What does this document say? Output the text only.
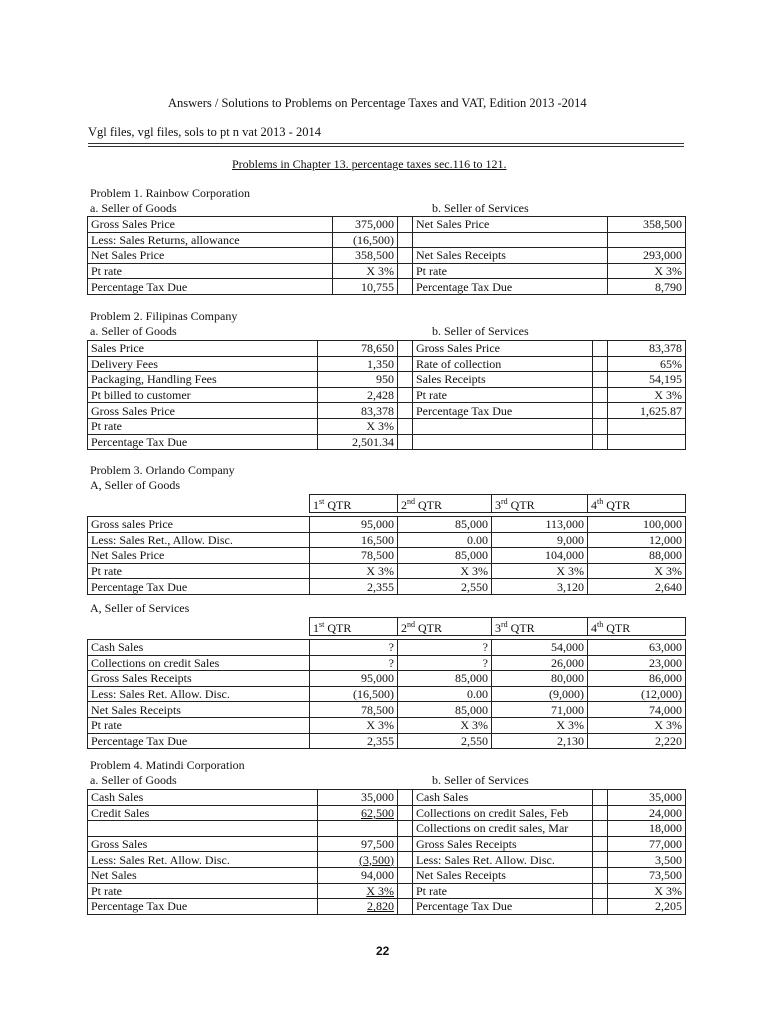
Answers / Solutions to Problems on Percentage Taxes and VAT, Edition 2013 -2014
Vgl files, vgl files, sols to pt n vat 2013 - 2014
Problems in Chapter 13. percentage taxes sec.116 to 121.
Problem 1. Rainbow Corporation
a. Seller of Goods	b. Seller of Services
Gross Sales Price	375,000		Net Sales Price	358,500
Less: Sales Returns, allowance	(16,500)			
Net Sales Price	358,500		Net Sales Receipts	293,000
Pt rate	X 3%		Pt rate	X 3%
Percentage Tax Due	10,755		Percentage Tax Due	8,790
Problem 2. Filipinas Company
a. Seller of Goods	b. Seller of Services
Sales Price	78,650		Gross Sales Price		83,378
Delivery Fees	1,350		Rate of collection		65%
Packaging, Handling Fees	950		Sales Receipts		54,195
Pt billed to customer	2,428		Pt rate		X 3%
Gross Sales Price	83,378		Percentage Tax Due		1,625.87
Pt rate	X 3%				
Percentage Tax Due	2,501.34				
Problem 3. Orlando Company
A, Seller of Goods
	1st QTR	2nd QTR	3rd QTR	4th QTR

Gross sales Price	95,000	85,000	113,000	100,000
Less: Sales Ret., Allow. Disc.	16,500	0.00	9,000	12,000
Net Sales Price	78,500	85,000	104,000	88,000
Pt rate	X 3%	X 3%	X 3%	X 3%
Percentage Tax Due	2,355	2,550	3,120	2,640
A, Seller of Services
	1st QTR	2nd QTR	3rd QTR	4th QTR

Cash Sales	?	?	54,000	63,000
Collections on credit Sales	?	?	26,000	23,000
Gross Sales Receipts	95,000	85,000	80,000	86,000
Less: Sales Ret. Allow. Disc.	(16,500)	0.00	(9,000)	(12,000)
Net Sales Receipts	78,500	85,000	71,000	74,000
Pt rate	X 3%	X 3%	X 3%	X 3%
Percentage Tax Due	2,355	2,550	2,130	2,220
Problem 4. Matindi Corporation
a. Seller of Goods	b. Seller of Services
Cash Sales	35,000		Cash Sales		35,000
Credit Sales	62,500		Collections on credit Sales, Feb		24,000
			Collections on credit sales, Mar		18,000
Gross Sales	97,500		Gross Sales Receipts		77,000
Less: Sales Ret. Allow. Disc.	(3,500)		Less: Sales Ret. Allow. Disc.		3,500
Net Sales	94,000		Net Sales Receipts		73,500
Pt rate	X 3%		Pt rate		X 3%
Percentage Tax Due	2,820		Percentage Tax Due		2,205
22
